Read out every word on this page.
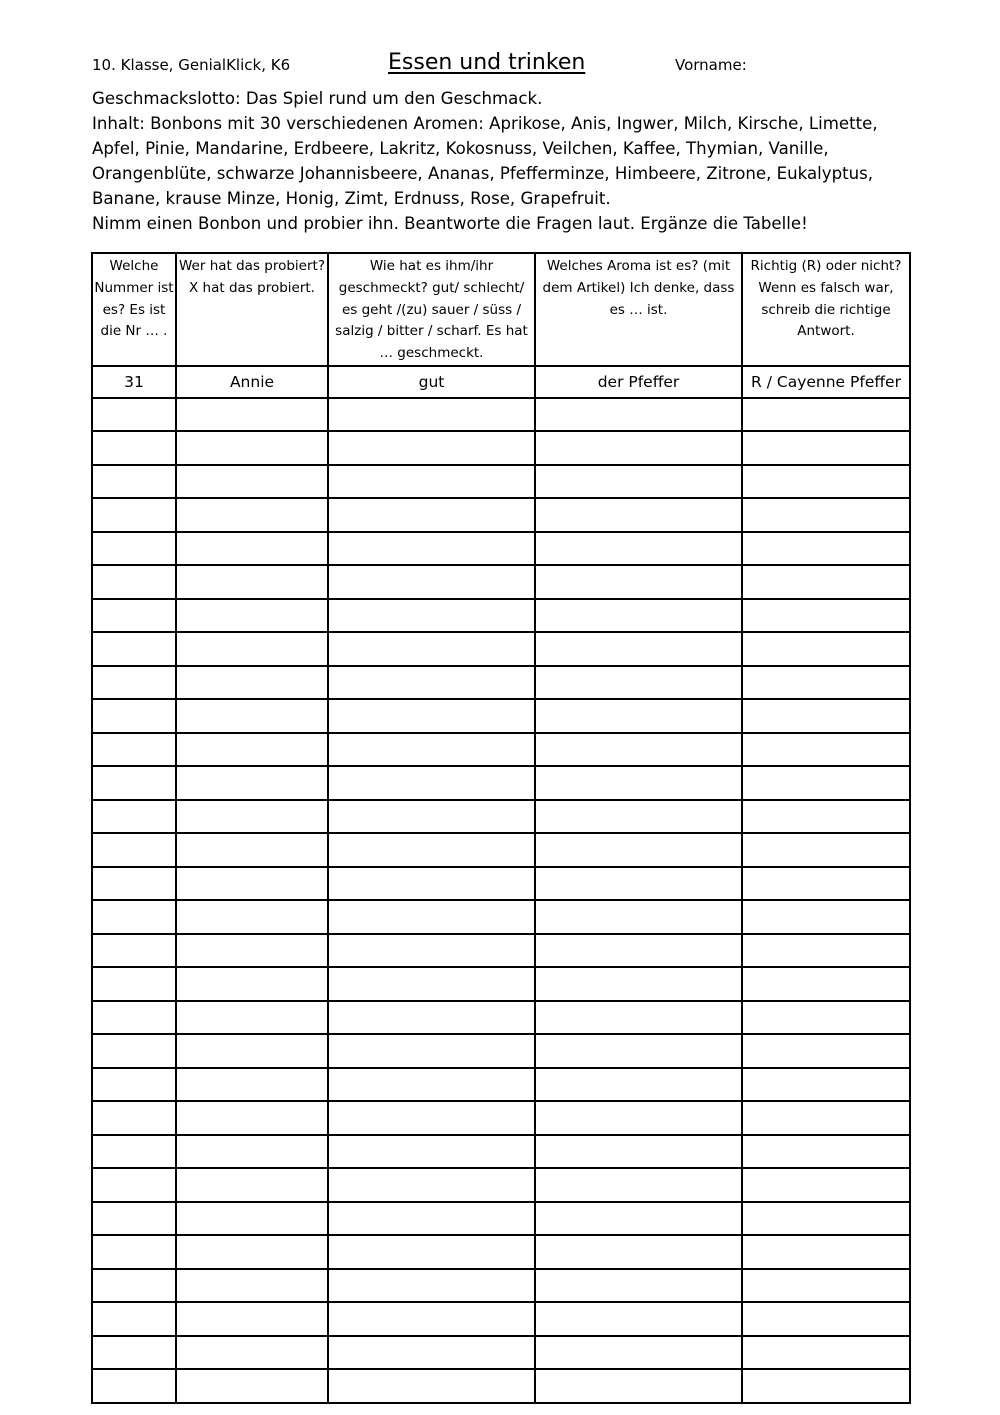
10. Klasse, GenialKlick, K6	Essen und trinken	Vorname:

Geschmackslotto: Das Spiel rund um den Geschmack.

Inhalt: Bonbons mit 30 verschiedenen Aromen: Aprikose, Anis, Ingwer, Milch, Kirsche, Limette, Apfel, Pinie, Mandarine, Erdbeere, Lakritz, Kokosnuss, Veilchen, Kaffee, Thymian, Vanille, Orangenblüte, schwarze Johannisbeere, Ananas, Pfefferminze, Himbeere, Zitrone, Eukalyptus, Banane, krause Minze, Honig, Zimt, Erdnuss, Rose, Grapefruit.

Nimm einen Bonbon und probier ihn. Beantworte die Fragen laut. Ergänze die Tabelle!

Welche Nummer ist es? Es ist die Nr … .	Wer hat das probiert? X hat das probiert.	Wie hat es ihm/ihr geschmeckt? gut/ schlecht/ es geht /(zu) sauer / süss / salzig / bitter / scharf. Es hat … geschmeckt.	Welches Aroma ist es? (mit dem Artikel) Ich denke, dass es … ist.	Richtig (R) oder nicht? Wenn es falsch war, schreib die richtige Antwort.
31	Annie	gut	der Pfeffer	R / Cayenne Pfeffer
